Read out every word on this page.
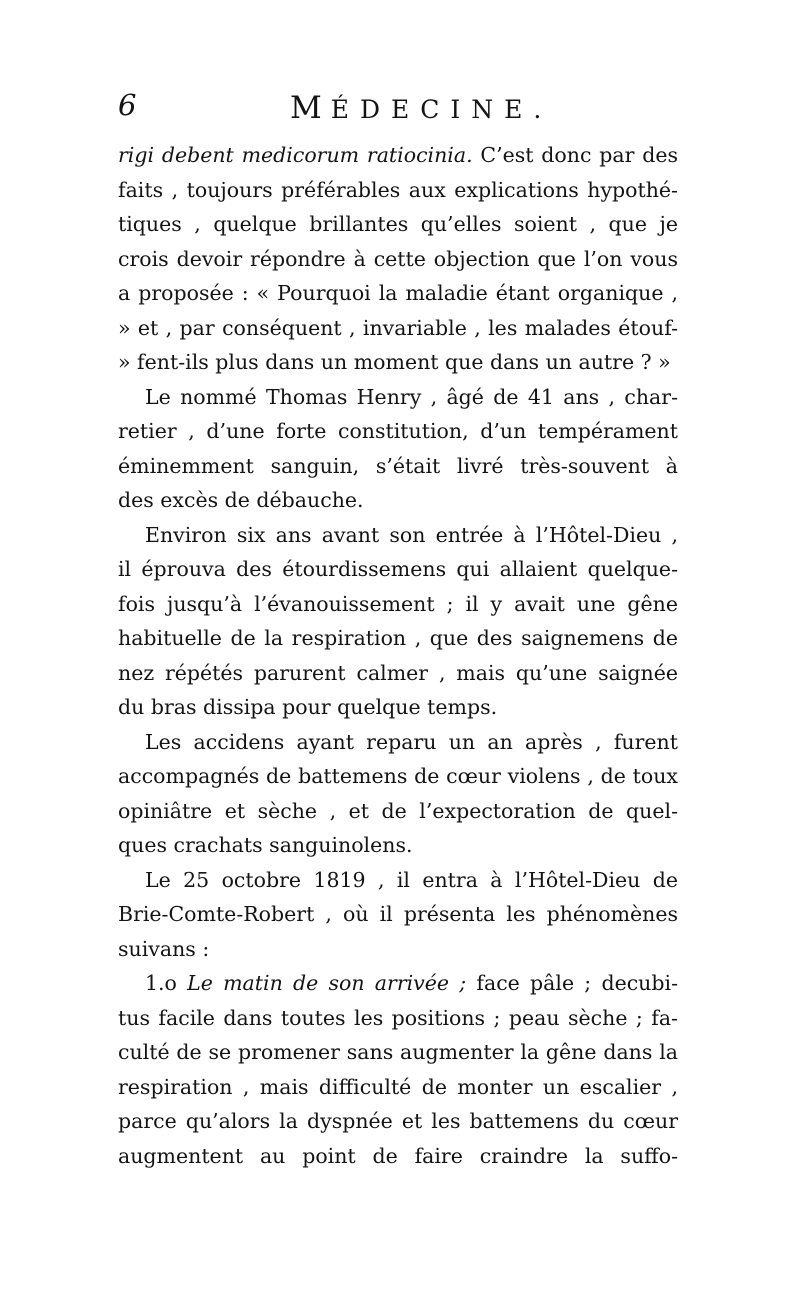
6	MÉDECINE.
rigi debent medicorum ratiocinia. C’est donc par des
faits , toujours préférables aux explications hypothé-
tiques , quelque brillantes qu’elles soient , que je
crois devoir répondre à cette objection que l’on vous
a proposée : « Pourquoi la maladie étant organique ,
» et , par conséquent , invariable , les malades étouf-
» fent-ils plus dans un moment que dans un autre ? »
Le nommé Thomas Henry , âgé de 41 ans , char-
retier , d’une forte constitution, d’un tempérament
éminemment sanguin, s’était livré très-souvent à
des excès de débauche.
Environ six ans avant son entrée à l’Hôtel-Dieu ,
il éprouva des étourdissemens qui allaient quelque-
fois jusqu’à l’évanouissement ; il y avait une gêne
habituelle de la respiration , que des saignemens de
nez répétés parurent calmer , mais qu’une saignée
du bras dissipa pour quelque temps.
Les accidens ayant reparu un an après , furent
accompagnés de battemens de cœur violens , de toux
opiniâtre et sèche , et de l’expectoration de quel-
ques crachats sanguinolens.
Le 25 octobre 1819 , il entra à l’Hôtel-Dieu de
Brie-Comte-Robert , où il présenta les phénomènes
suivans :
1.o Le matin de son arrivée ; face pâle ; decubi-
tus facile dans toutes les positions ; peau sèche ; fa-
culté de se promener sans augmenter la gêne dans la
respiration , mais difficulté de monter un escalier ,
parce qu’alors la dyspnée et les battemens du cœur
augmentent au point de faire craindre la suffo-
